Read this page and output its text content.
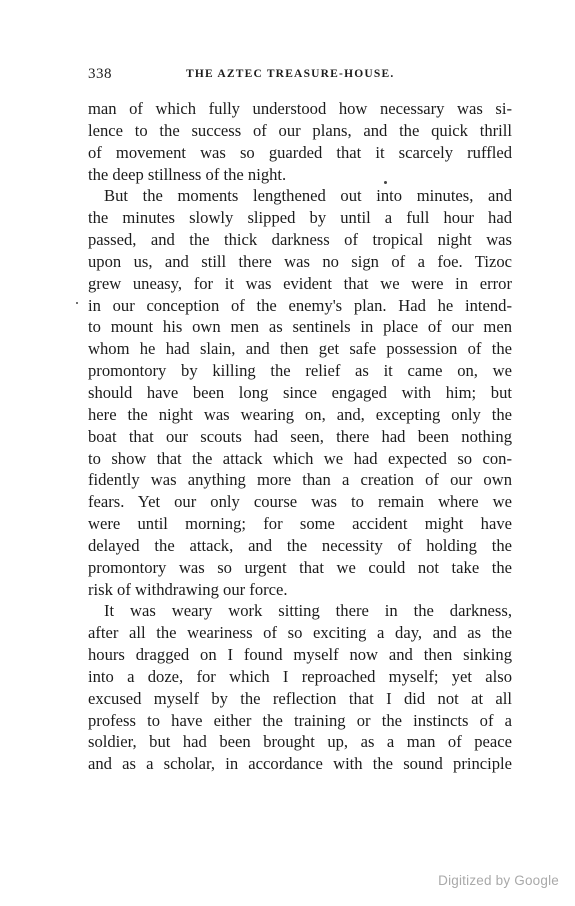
338	THE AZTEC TREASURE-HOUSE.
man of which fully understood how necessary was si-
lence to the success of our plans, and the quick thrill
of movement was so guarded that it scarcely ruffled
the deep stillness of the night.
But the moments lengthened out into minutes, and
the minutes slowly slipped by until a full hour had
passed, and the thick darkness of tropical night was
upon us, and still there was no sign of a foe. Tizoc
grew uneasy, for it was evident that we were in error
in our conception of the enemy's plan. Had he intend-
to mount his own men as sentinels in place of our men
whom he had slain, and then get safe possession of the
promontory by killing the relief as it came on, we
should have been long since engaged with him; but
here the night was wearing on, and, excepting only the
boat that our scouts had seen, there had been nothing
to show that the attack which we had expected so con-
fidently was anything more than a creation of our own
fears. Yet our only course was to remain where we
were until morning; for some accident might have
delayed the attack, and the necessity of holding the
promontory was so urgent that we could not take the
risk of withdrawing our force.
It was weary work sitting there in the darkness,
after all the weariness of so exciting a day, and as the
hours dragged on I found myself now and then sinking
into a doze, for which I reproached myself; yet also
excused myself by the reflection that I did not at all
profess to have either the training or the instincts of a
soldier, but had been brought up, as a man of peace
and as a scholar, in accordance with the sound principle
Digitized by Google
